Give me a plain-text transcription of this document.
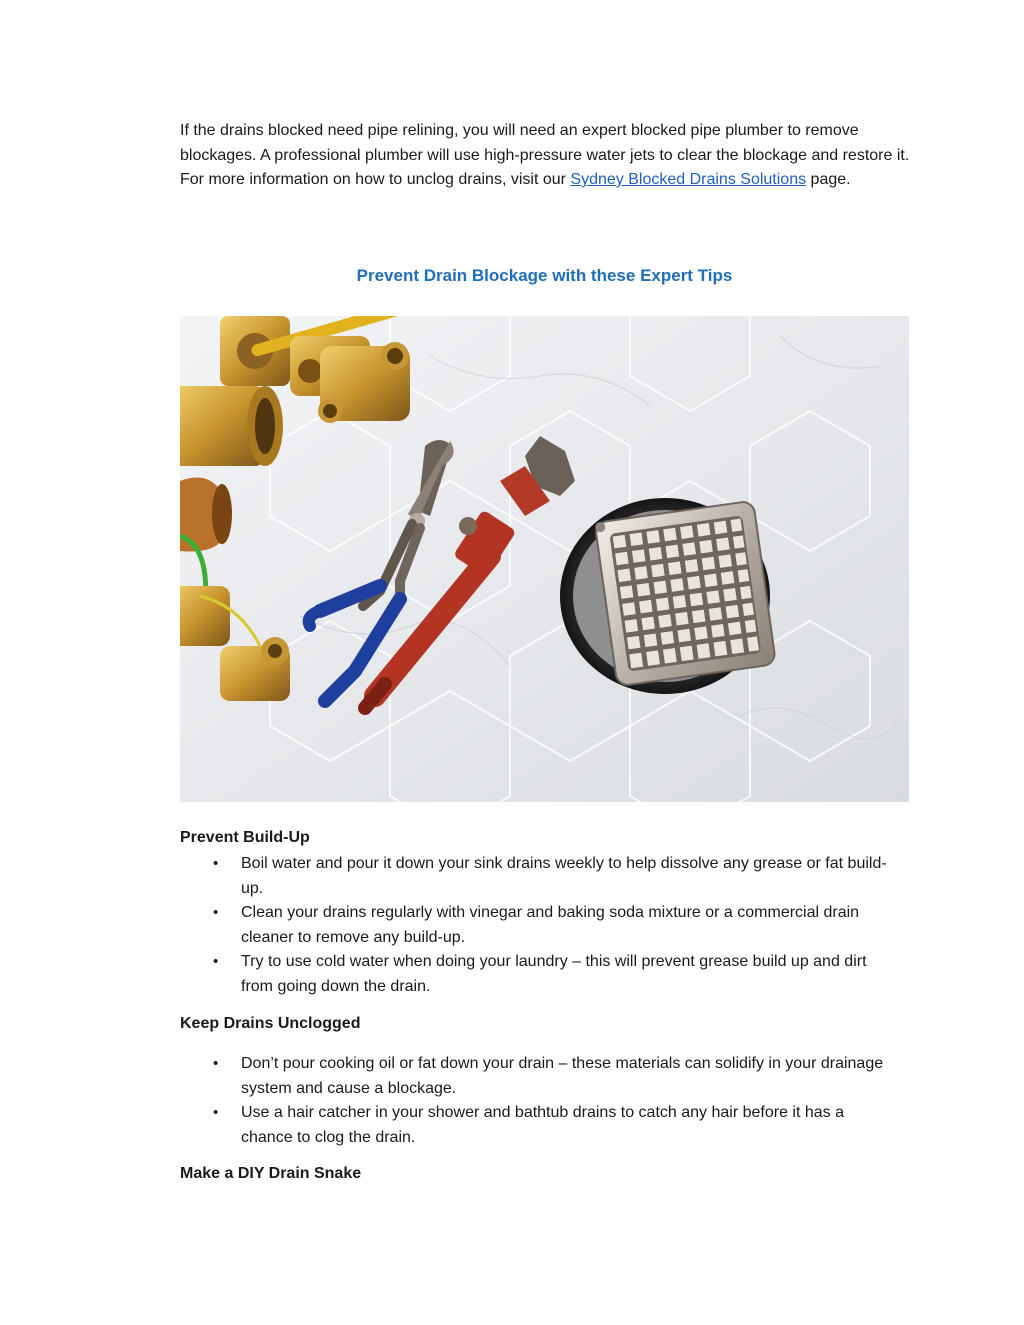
If the drains blocked need pipe relining, you will need an expert blocked pipe plumber to remove blockages. A professional plumber will use high-pressure water jets to clear the blockage and restore it. For more information on how to unclog drains, visit our Sydney Blocked Drains Solutions page.

Prevent Drain Blockage with these Expert Tips
Prevent Build-Up
• Boil water and pour it down your sink drains weekly to help dissolve any grease or fat build-up.
• Clean your drains regularly with vinegar and baking soda mixture or a commercial drain cleaner to remove any build-up.
• Try to use cold water when doing your laundry – this will prevent grease build up and dirt from going down the drain.
Keep Drains Unclogged
• Don’t pour cooking oil or fat down your drain – these materials can solidify in your drainage system and cause a blockage.
• Use a hair catcher in your shower and bathtub drains to catch any hair before it has a chance to clog the drain.
Make a DIY Drain Snake
